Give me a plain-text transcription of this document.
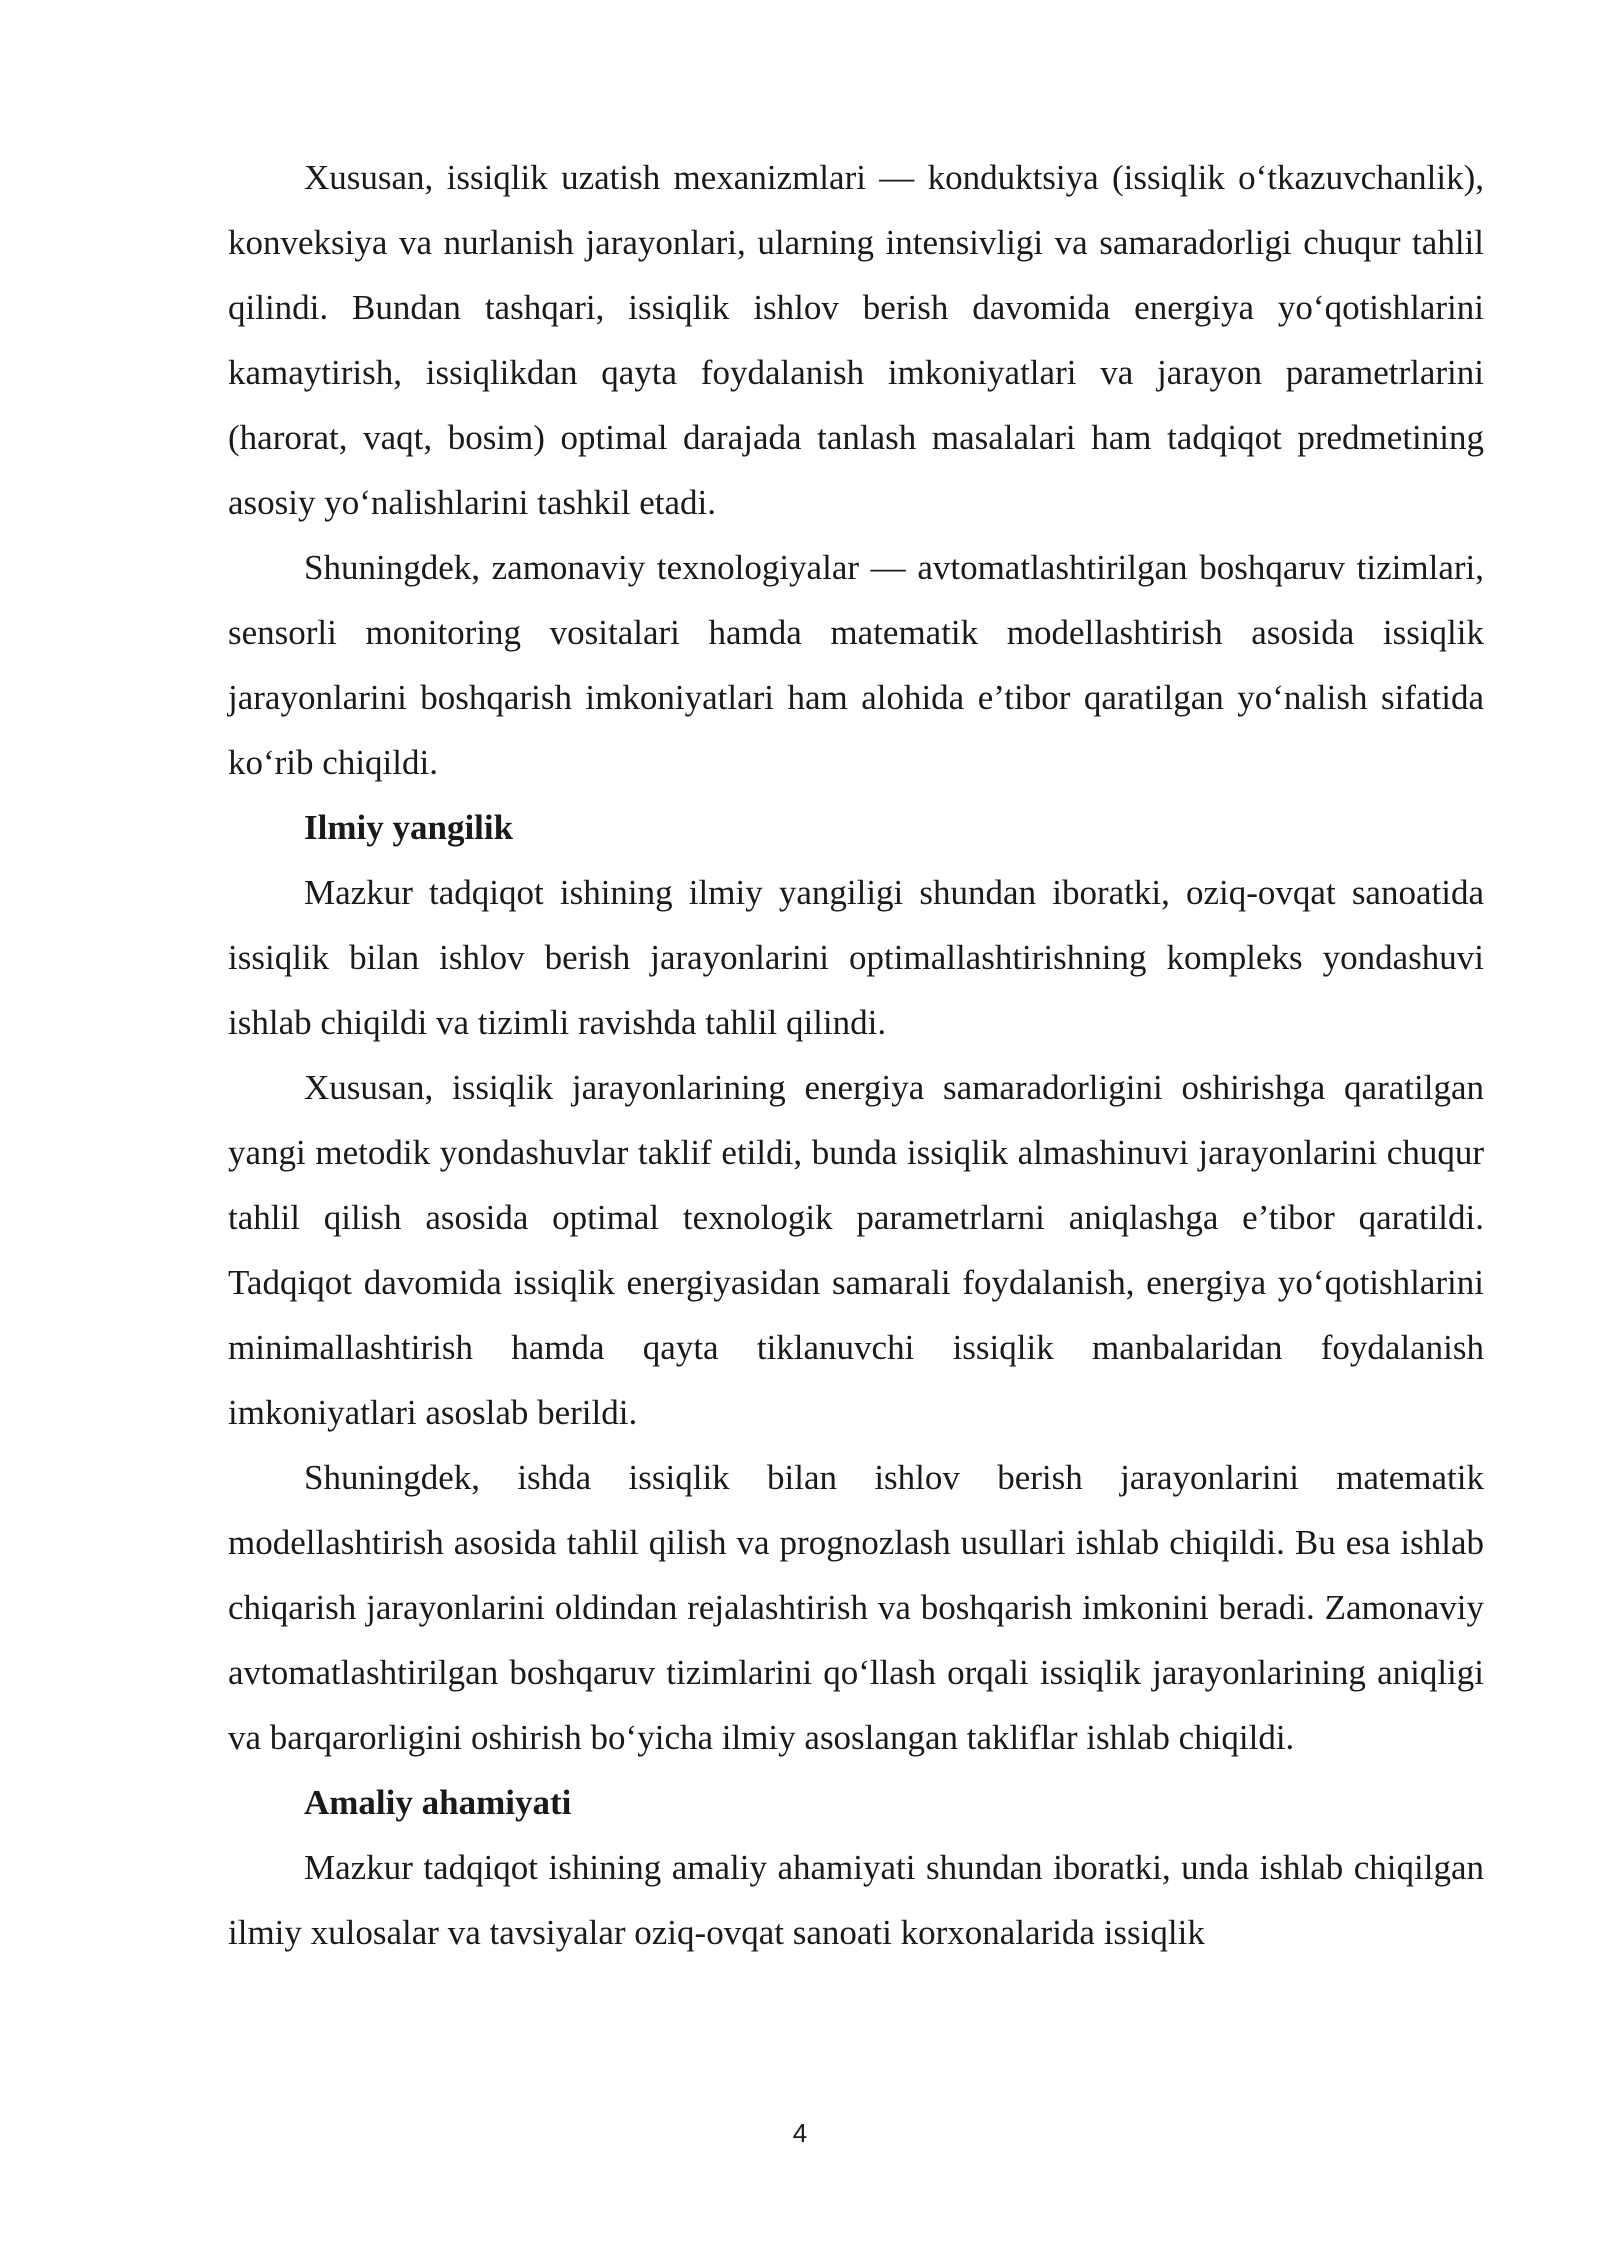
Xususan, issiqlik uzatish mexanizmlari — konduktsiya (issiqlik o‘tkazuvchanlik), konveksiya va nurlanish jarayonlari, ularning intensivligi va samaradorligi chuqur tahlil qilindi. Bundan tashqari, issiqlik ishlov berish davomida energiya yo‘qotishlarini kamaytirish, issiqlikdan qayta foydalanish imkoniyatlari va jarayon parametrlarini (harorat, vaqt, bosim) optimal darajada tanlash masalalari ham tadqiqot predmetining asosiy yo‘nalishlarini tashkil etadi.

Shuningdek, zamonaviy texnologiyalar — avtomatlashtirilgan boshqaruv tizimlari, sensorli monitoring vositalari hamda matematik modellashtirish asosida issiqlik jarayonlarini boshqarish imkoniyatlari ham alohida e’tibor qaratilgan yo‘nalish sifatida ko‘rib chiqildi.

Ilmiy yangilik

Mazkur tadqiqot ishining ilmiy yangiligi shundan iboratki, oziq-ovqat sanoatida issiqlik bilan ishlov berish jarayonlarini optimallashtirishning kompleks yondashuvi ishlab chiqildi va tizimli ravishda tahlil qilindi.

Xususan, issiqlik jarayonlarining energiya samaradorligini oshirishga qaratilgan yangi metodik yondashuvlar taklif etildi, bunda issiqlik almashinuvi jarayonlarini chuqur tahlil qilish asosida optimal texnologik parametrlarni aniqlashga e’tibor qaratildi. Tadqiqot davomida issiqlik energiyasidan samarali foydalanish, energiya yo‘qotishlarini minimallashtirish hamda qayta tiklanuvchi issiqlik manbalaridan foydalanish imkoniyatlari asoslab berildi.

Shuningdek, ishda issiqlik bilan ishlov berish jarayonlarini matematik modellashtirish asosida tahlil qilish va prognozlash usullari ishlab chiqildi. Bu esa ishlab chiqarish jarayonlarini oldindan rejalashtirish va boshqarish imkonini beradi. Zamonaviy avtomatlashtirilgan boshqaruv tizimlarini qo‘llash orqali issiqlik jarayonlarining aniqligi va barqarorligini oshirish bo‘yicha ilmiy asoslangan takliflar ishlab chiqildi.

Amaliy ahamiyati

Mazkur tadqiqot ishining amaliy ahamiyati shundan iboratki, unda ishlab chiqilgan ilmiy xulosalar va tavsiyalar oziq-ovqat sanoati korxonalarida issiqlik

4
